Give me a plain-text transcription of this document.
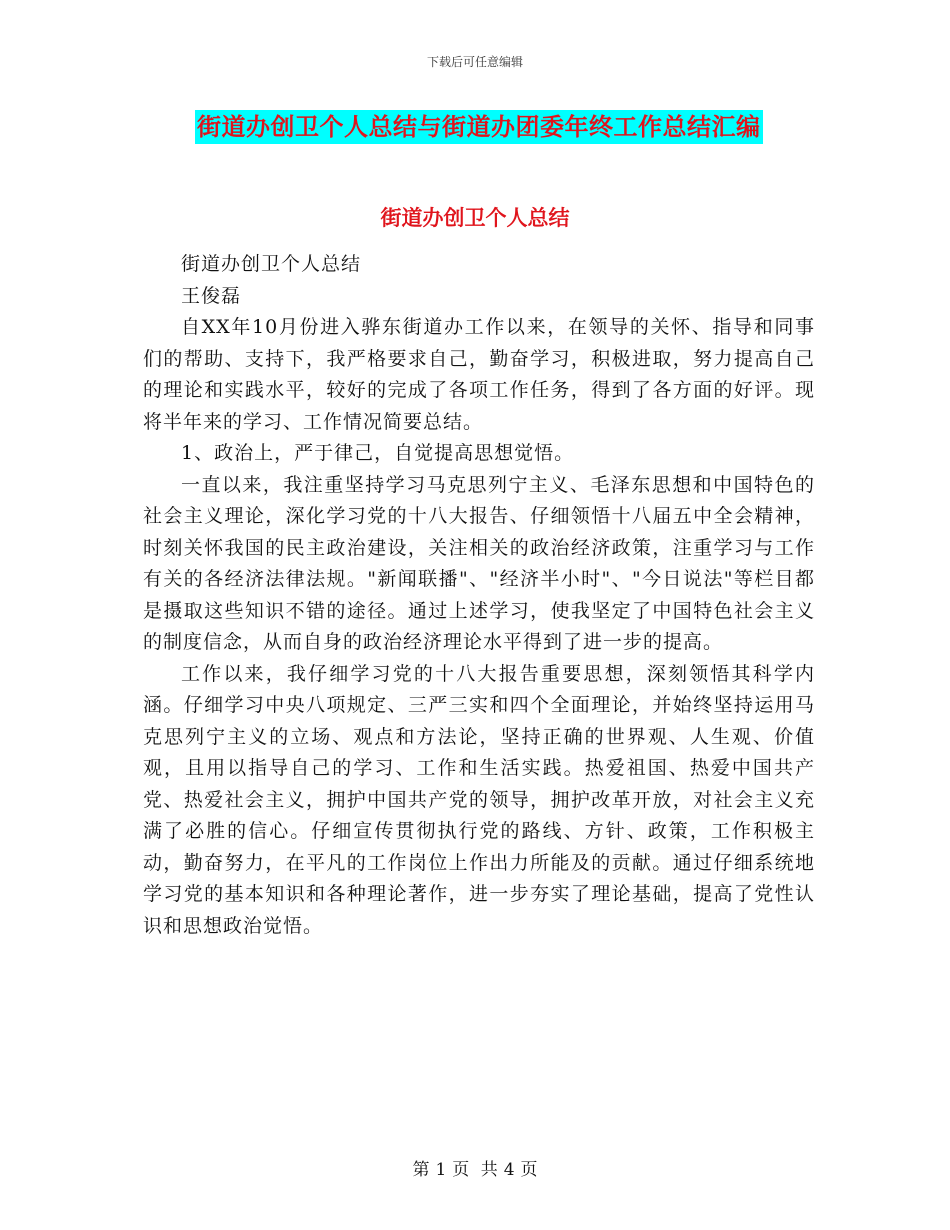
下载后可任意编辑
街道办创卫个人总结与街道办团委年终工作总结汇编
街道办创卫个人总结

街道办创卫个人总结

王俊磊

自XX年10月份进入骅东街道办工作以来，在领导的关怀、指导和同事们的帮助、支持下，我严格要求自己，勤奋学习，积极进取，努力提高自己的理论和实践水平，较好的完成了各项工作任务，得到了各方面的好评。现将半年来的学习、工作情况简要总结。

1、政治上，严于律己，自觉提高思想觉悟。

一直以来，我注重坚持学习马克思列宁主义、毛泽东思想和中国特色的社会主义理论，深化学习党的十八大报告、仔细领悟十八届五中全会精神，时刻关怀我国的民主政治建设，关注相关的政治经济政策，注重学习与工作有关的各经济法律法规。"新闻联播"、"经济半小时"、"今日说法"等栏目都是摄取这些知识不错的途径。通过上述学习，使我坚定了中国特色社会主义的制度信念，从而自身的政治经济理论水平得到了进一步的提高。

工作以来，我仔细学习党的十八大报告重要思想，深刻领悟其科学内涵。仔细学习中央八项规定、三严三实和四个全面理论，并始终坚持运用马克思列宁主义的立场、观点和方法论，坚持正确的世界观、人生观、价值观，且用以指导自己的学习、工作和生活实践。热爱祖国、热爱中国共产党、热爱社会主义，拥护中国共产党的领导，拥护改革开放，对社会主义充满了必胜的信心。仔细宣传贯彻执行党的路线、方针、政策，工作积极主动，勤奋努力，在平凡的工作岗位上作出力所能及的贡献。通过仔细系统地学习党的基本知识和各种理论著作，进一步夯实了理论基础，提高了党性认识和思想政治觉悟。

第 1 页 共 4 页
